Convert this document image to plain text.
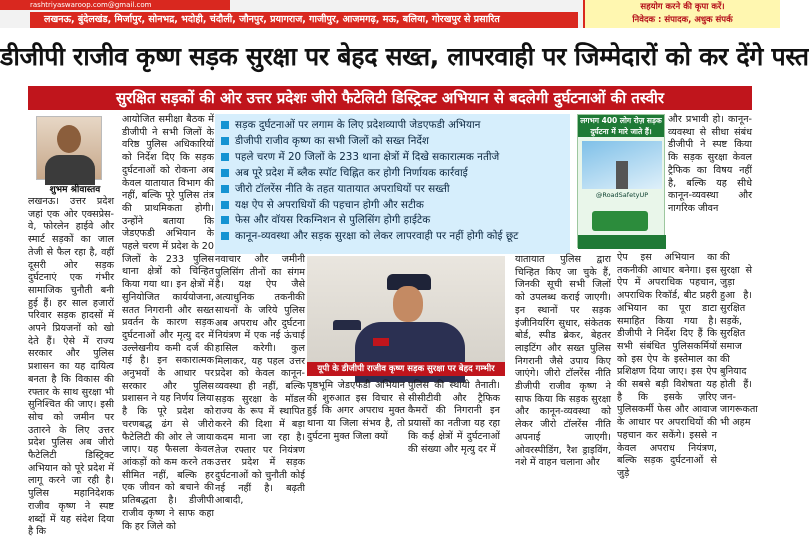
rashtriyaswaroop.com@gmail.com
लखनऊ, बुंदेलखंड, मिर्जापुर, सोनभद्र, भदोही, चंदौली, जौनपुर, प्रयागराज, गाजीपुर, आजमगढ़, मऊ, बलिया, गोरखपुर से प्रसारित
सहयोग करने की कृपा करें।
निवेदक : संपादक, अधुक संपर्क
डीजीपी राजीव कृष्ण सड़क सुरक्षा पर बेहद सख्त, लापरवाही पर जिम्मेदारों को कर देंगे पस्त
सुरक्षित सड़कों की ओर उत्तर प्रदेशः जीरो फैटेलिटी डिस्ट्रिक्ट अभियान से बदलेगी दुर्घटनाओं की तस्वीर
शुभम श्रीवास्तव
लखनऊ। उत्तर प्रदेश जहां एक ओर एक्सप्रेस-वे, फोरलेन हाईवे और स्मार्ट सड़कों का जाल तेजी से फैल रहा है, वहीं दूसरी ओर सड़क दुर्घटनाएं एक गंभीर सामाजिक चुनौती बनी हुई हैं। हर साल हजारों परिवार सड़क हादसों में अपने प्रियजनों को खो देते हैं। ऐसे में राज्य सरकार और पुलिस प्रशासन का यह दायित्व बनता है कि विकास की रफ्तार के साथ सुरक्षा भी सुनिश्चित की जाए। इसी सोच को जमीन पर उतारने के लिए उत्तर प्रदेश पुलिस अब जीरो फैटेलिटी डिस्ट्रिक्ट अभियान को पूरे प्रदेश में लागू करने जा रही है। पुलिस महानिदेशक राजीव कृष्ण ने स्पष्ट शब्दों में यह संदेश दिया है कि
आयोजित समीक्षा बैठक में डीजीपी ने सभी जिलों के वरिष्ठ पुलिस अधिकारियों को निर्देश दिए कि सड़क दुर्घटनाओं को रोकना अब केवल यातायात विभाग की नहीं, बल्कि पूरे पुलिस तंत्र की प्राथमिकता होगी। उन्होंने बताया कि जेडएफडी अभियान के पहले चरण में प्रदेश के 20 जिलों के 233 पुलिस थाना क्षेत्रों को चिन्हित किया गया था। इन क्षेत्रों में सुनियोजित कार्ययोजना, सतत निगरानी और सख्त प्रवर्तन के कारण सड़क दुर्घटनाओं और मृत्यु दर में उल्लेखनीय कमी दर्ज की गई है। इन सकारात्मक अनुभवों के आधार पर सरकार और पुलिस प्रशासन ने यह निर्णय लिया है कि पूरे प्रदेश को चरणबद्ध ढंग से जीरो फैटेलिटी की ओर ले जाया जाए। यह फैसला केवल आंकड़ों को कम करने तक सीमित नहीं, बल्कि हर एक जीवन को बचाने की प्रतिबद्धता है। डीजीपी राजीव कृष्ण ने साफ कहा कि हर जिले को
सड़क दुर्घटनाओं पर लगाम के लिए प्रदेशव्यापी जेडएफडी अभियान
डीजीपी राजीव कृष्ण का सभी जिलों को सख्त निर्देश
पहले चरण में 20 जिलों के 233 थाना क्षेत्रों में दिखे सकारात्मक नतीजे
अब पूरे प्रदेश में ब्लैक स्पॉट चिह्नित कर होगी निर्णायक कार्रवाई
जीरो टॉलरेंस नीति के तहत यातायात अपराधियों पर सख्ती
यक्ष ऐप से अपराधियों की पहचान होगी और सटीक
फेस और वॉयस रिकग्निशन से पुलिसिंग होगी हाईटेक
कानून-व्यवस्था और सड़क सुरक्षा को लेकर लापरवाही पर नहीं होगी कोई छूट
लगभग 400 लोग रोज़ सड़क दुर्घटना में मारे जाते हैं।
@RoadSafetyUP
और प्रभावी हो। कानून-व्यवस्था से सीधा संबंध डीजीपी ने स्पष्ट किया कि सड़क सुरक्षा केवल ट्रैफिक का विषय नहीं है, बल्कि यह सीधे कानून-व्यवस्था और नागरिक जीवन
नवाचार और जमीनी पुलिसिंग तीनों का संगम है। यक्ष ऐप जैसे अत्याधुनिक तकनीकी साधनों के जरिये पुलिस अब अपराध और दुर्घटना नियंत्रण में एक नई ऊंचाई हासिल करेगी। कुल मिलाकर, यह पहल उत्तर प्रदेश को केवल कानून-व्यवस्था ही नहीं, बल्कि सड़क सुरक्षा के मॉडल राज्य के रूप में स्थापित करने की दिशा में बड़ा कदम माना जा रहा है। तेज रफ्तार पर नियंत्रण उत्तर प्रदेश में सड़क दुर्घटनाओं को चुनौती कोई नई नहीं है। बढ़ती आबादी,
यूपी के डीजीपी राजीव कृष्ण सड़क सुरक्षा पर बेहद गम्भीर
पृष्ठभूमि जेडएफडी अभियान की शुरुआत इस विचार से हुई कि अगर अपराध मुक्त थाना या जिला संभव है, तो दुर्घटना मुक्त जिला क्यों
पुलिस की स्थायी तैनाती। सीसीटीवी और ट्रैफिक कैमरों की निगरानी इन प्रयासों का नतीजा यह रहा कि कई क्षेत्रों में दुर्घटनाओं की संख्या और मृत्यु दर में
यातायात पुलिस द्वारा चिन्हित किए जा चुके हैं, जिनकी सूची सभी जिलों को उपलब्ध कराई जाएगी। इन स्थानों पर सड़क इंजीनियरिंग सुधार, संकेतक बोर्ड, स्पीड ब्रेकर, बेहतर लाइटिंग और सख्त पुलिस निगरानी जैसे उपाय किए जाएंगे। जीरो टॉलरेंस नीति डीजीपी राजीव कृष्ण ने साफ किया कि सड़क सुरक्षा और कानून-व्यवस्था को लेकर जीरो टॉलरेंस नीति अपनाई जाएगी। ओवरस्पीडिंग, रैश ड्राइविंग, नशे में वाहन चलाना और
ऐप इस अभियान का तकनीकी आधार बनेगा। इस ऐप में अपराधिक पहचान, अपराधिक रिकॉर्ड, बीट प्रहरी अभियान का पूरा डाटा समाहित किया गया है। डीजीपी ने निर्देश दिए हैं कि सभी संबंधित पुलिसकर्मियों को इस ऐप के इस्तेमाल का प्रशिक्षण दिया जाए। इस ऐप की सबसे बड़ी विशेषता यह है कि इसके ज़रिए पुलिसकर्मी फेस और आवाज के आधार पर अपराधियों की पहचान कर सकेंगे। इससे न केवल अपराध नियंत्रण, बल्कि सड़क दुर्घटनाओं से जुड़े
की सुरक्षा से जुड़ा हुआ है। सुरक्षित सड़कें, सुरक्षित समाज की बुनियाद होती हैं। जन-जागरूकता भी अहम
